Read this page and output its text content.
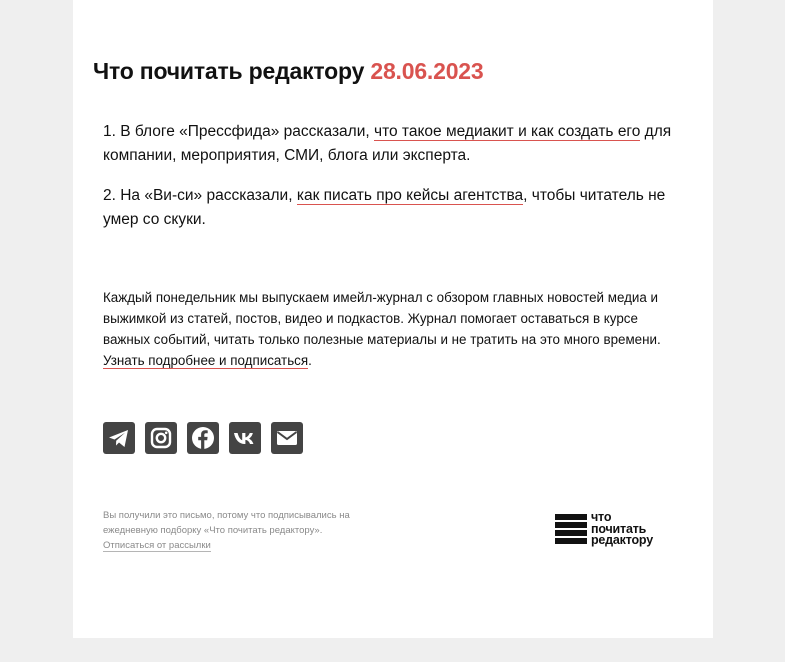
Что почитать редактору 28.06.2023

1. В блоге «Прессфида» рассказали, что такое медиакит и как создать его для компании, мероприятия, СМИ, блога или эксперта.

2. На «Ви-си» рассказали, как писать про кейсы агентства, чтобы читатель не умер со скуки.

Каждый понедельник мы выпускаем имейл-журнал с обзором главных новостей медиа и выжимкой из статей, постов, видео и подкастов. Журнал помогает оставаться в курсе важных событий, читать только полезные материалы и не тратить на это много времени. Узнать подробнее и подписаться.
Вы получили это письмо, потому что подписывались на ежедневную подборку «Что почитать редактору».
Отписаться от рассылки
что
почитать
редактору
